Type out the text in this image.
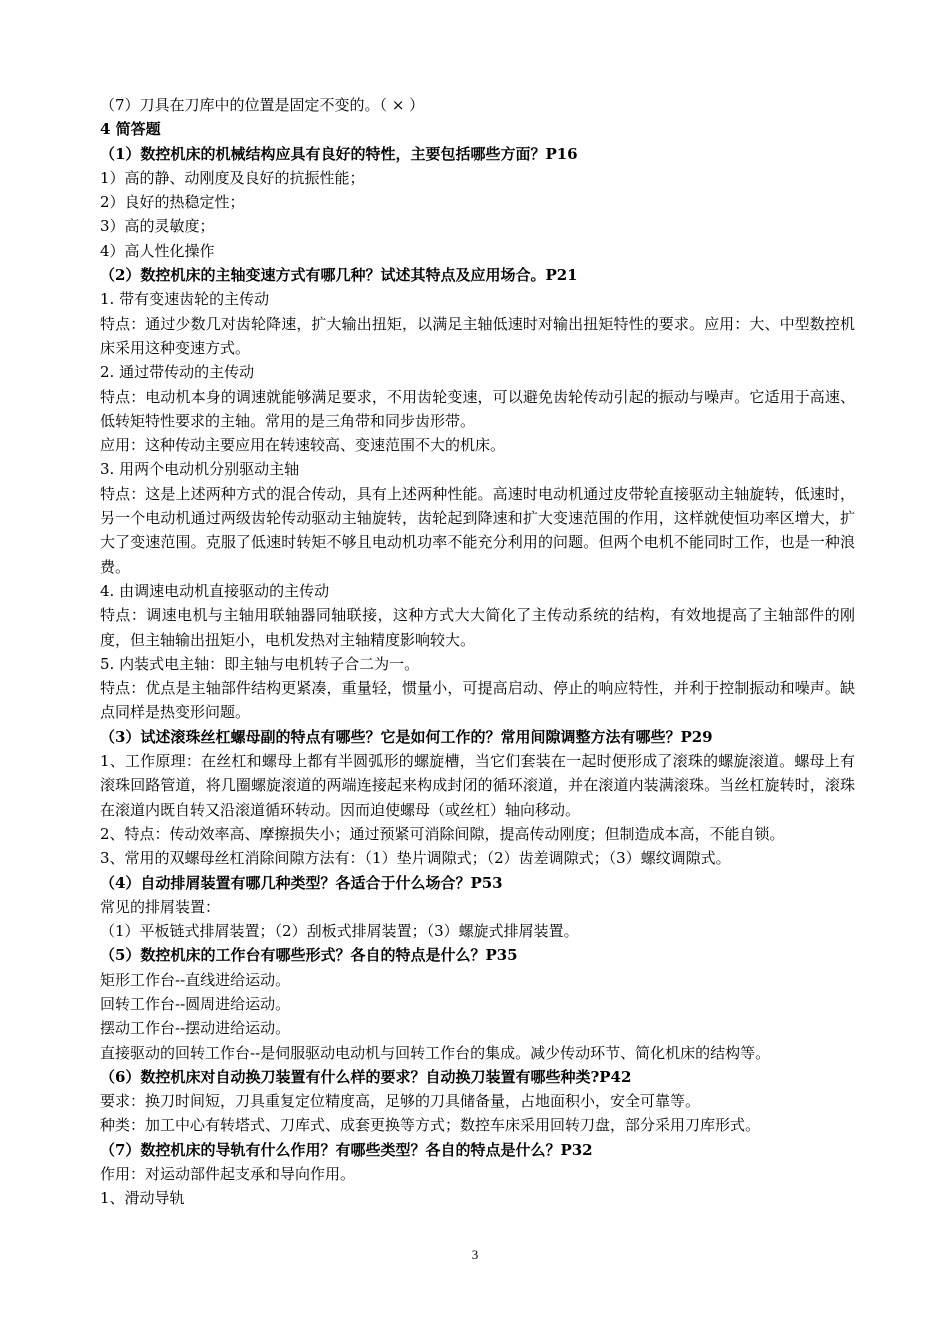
（7）刀具在刀库中的位置是固定不变的。（ × ）
4 简答题
（1）数控机床的机械结构应具有良好的特性，主要包括哪些方面？P16
1）高的静、动刚度及良好的抗振性能；
2）良好的热稳定性；
3）高的灵敏度；
4）高人性化操作
（2）数控机床的主轴变速方式有哪几种？试述其特点及应用场合。P21
1. 带有变速齿轮的主传动
特点：通过少数几对齿轮降速，扩大输出扭矩，以满足主轴低速时对输出扭矩特性的要求。应用：大、中型数控机床采用这种变速方式。
2. 通过带传动的主传动
特点：电动机本身的调速就能够满足要求，不用齿轮变速，可以避免齿轮传动引起的振动与噪声。它适用于高速、低转矩特性要求的主轴。常用的是三角带和同步齿形带。
应用：这种传动主要应用在转速较高、变速范围不大的机床。
3. 用两个电动机分别驱动主轴
特点：这是上述两种方式的混合传动，具有上述两种性能。高速时电动机通过皮带轮直接驱动主轴旋转，低速时，另一个电动机通过两级齿轮传动驱动主轴旋转，齿轮起到降速和扩大变速范围的作用，这样就使恒功率区增大，扩大了变速范围。克服了低速时转矩不够且电动机功率不能充分利用的问题。但两个电机不能同时工作，也是一种浪费。
4. 由调速电动机直接驱动的主传动
特点：调速电机与主轴用联轴器同轴联接，这种方式大大简化了主传动系统的结构，有效地提高了主轴部件的刚度，但主轴输出扭矩小，电机发热对主轴精度影响较大。
5. 内装式电主轴：即主轴与电机转子合二为一。
特点：优点是主轴部件结构更紧凑，重量轻，惯量小，可提高启动、停止的响应特性，并利于控制振动和噪声。缺点同样是热变形问题。
（3）试述滚珠丝杠螺母副的特点有哪些？它是如何工作的？常用间隙调整方法有哪些？P29
1、工作原理：在丝杠和螺母上都有半圆弧形的螺旋槽，当它们套装在一起时便形成了滚珠的螺旋滚道。螺母上有滚珠回路管道，将几圈螺旋滚道的两端连接起来构成封闭的循环滚道，并在滚道内装满滚珠。当丝杠旋转时，滚珠在滚道内既自转又沿滚道循环转动。因而迫使螺母（或丝杠）轴向移动。
2、特点：传动效率高、摩擦损失小；通过预紧可消除间隙，提高传动刚度；但制造成本高，不能自锁。
3、常用的双螺母丝杠消除间隙方法有：（1）垫片调隙式；（2）齿差调隙式；（3）螺纹调隙式。
（4）自动排屑装置有哪几种类型？各适合于什么场合？P53
常见的排屑装置：
（1）平板链式排屑装置；（2）刮板式排屑装置；（3）螺旋式排屑装置。
（5）数控机床的工作台有哪些形式？各自的特点是什么？P35
矩形工作台--直线进给运动。
回转工作台--圆周进给运动。
摆动工作台--摆动进给运动。
直接驱动的回转工作台--是伺服驱动电动机与回转工作台的集成。减少传动环节、简化机床的结构等。
（6）数控机床对自动换刀装置有什么样的要求？自动换刀装置有哪些种类?P42
要求：换刀时间短，刀具重复定位精度高，足够的刀具储备量，占地面积小，安全可靠等。
种类：加工中心有转塔式、刀库式、成套更换等方式；数控车床采用回转刀盘，部分采用刀库形式。
（7）数控机床的导轨有什么作用？有哪些类型？各自的特点是什么？P32
作用：对运动部件起支承和导向作用。
1、滑动导轨
3
